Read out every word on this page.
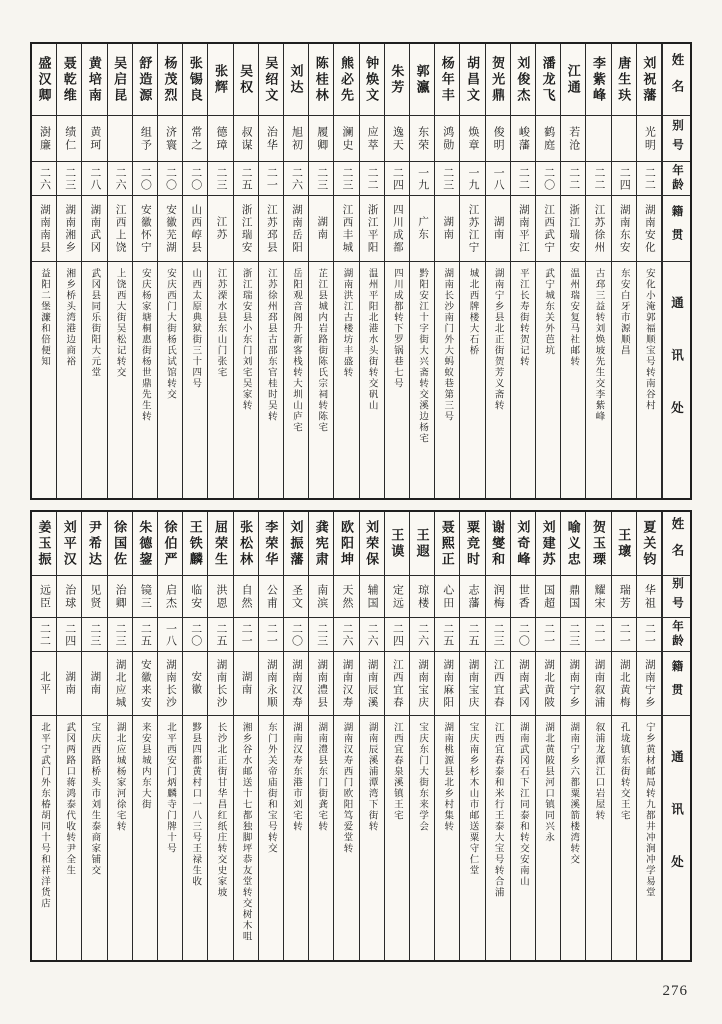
姓名
别号
年龄
籍贯
通讯处
刘祝藩
光明
二二
湖南安化
安化小淹郭福顺宝号转南谷村
唐生玞
二四
湖南东安
东安白牙市源顺昌
李紫峰
二二
江苏徐州
古邳三益转刘焕坡先生交李紫峰
江通
若沧
二二
浙江瑞安
温州瑞安复马社邮转
潘龙飞
鹤庭
二〇
江西武宁
武宁城东关外芭坑
刘俊杰
峻藩
二二
湖南平江
平江长寿街转贺记转
贺光鼎
俊明
一八
湖南
湖南宁乡县北正街贺芳义斋转
胡昌文
焕章
一九
江苏江宁
城北西牌楼大石桥
杨年丰
鸿勋
二三
湖南
湖南长沙南门外大蚂蚁巷第三号
郭瀛
东荣
一九
广东
黔阳安江十字街大兴斋转交溪边杨宅
朱芳
逸天
二四
四川成都
四川成都转下罗锅巷七号
钟焕文
应萃
二二
浙江平阳
温州平阳北港水头街转交矾山
熊必先
澜史
二三
江西丰城
湖南洪江古楼坊丰盛转
陈桂林
履卿
二三
湖南
芷江县城内岩路街陈氏宗祠转陈宅
刘达
旭初
二六
湖南岳阳
岳阳观音阁升新客栈转大圳山庐宅
吴绍文
治华
二一
江苏邳县
江苏徐州邳县古邵东官桂时吴转
吴权
叔谋
二五
浙江瑞安
浙江瑞安县小东门刘宅吴家转
张辉
德璋
二三
江苏
江苏溧水县东山门张宅
张锡良
常之
二〇
山西崞县
山西太原典狱街三十四号
杨茂烈
济寰
二〇
安徽芜湖
安庆西门大街杨氏试馆转交
舒造源
组予
二〇
安徽怀宁
安庆杨家塘桐惠街杨世鼎先生转
吴启昆
二六
江西上饶
上饶西大街吴松记转交
黄培南
黄珂
二八
湖南武冈
武冈县同乐街阳大元堂
聂乾维
绩仁
二三
湖南湘乡
湘乡桥头湾港边商裕
盛汉卿
澍廉
二六
湖南南县
益阳二堡濂和倍便知
姓名
别号
年龄
籍贯
通讯处
夏关钧
华祖
二一
湖南宁乡
宁乡黄材邮局转九都井冲涧冲学易堂
王瓌
瑞芳
二一
湖北黄梅
孔垅镇东街转交王宅
贺玉瑮
耀宋
二一
湖南叙浦
叙浦龙潭江口岩屋转
喻义忠
鼎国
二三
湖南宁乡
湖南宁乡六都粟溪箭楼湾转交
刘建苏
国超
二一
湖北黄陂
湖北黄陂县河口镇同兴永
刘奇峰
世香
二〇
湖南武冈
湖南武冈石下江同泰和转交安南山
谢燮和
润梅
二三
江西宜春
江西宜春泰和米行王泰大宝号转合浦
粟竞时
志藩
二五
湖南宝庆
宝庆南乡杉木山市邮送粟守仁堂
聂熙正
心田
二五
湖南麻阳
湖南桃源县北乡村集转
王遐
琼楼
二六
湖南宝庆
宝庆东门大街东来学会
王谟
定远
二四
江西宜春
江西宜春泉溪镇王宅
刘荣保
辅国
二六
湖南辰溪
湖南辰溪浦潭湾下街转
欧阳坤
天然
二六
湖南汉寿
湖南汉寿西门欧阳笃爱堂转
龚宪肃
南滨
二三
湖南澧县
湖南澧县东门街龚宅转
刘振藩
圣文
二〇
湖南汉寿
湖南汉寿东港市刘宅转
李荣华
公甫
二一
湖南永顺
东门外关帝庙街和宝号转交
张松林
自然
二一
湖南
湘乡谷水邮送十七都独脚坪恭友堂转交树木咀
屈荣生
洪恩
二五
湖南长沙
长沙北正街甘华昌红纸庄转交史家坡
王铁麟
临安
二〇
安徽
黟县四都黄村口一八三号王禄生收
徐伯严
启杰
一八
湖南长沙
北平西安门炳麟寺门牌十号
朱德鋆
镜三
二五
安徽来安
来安县城内东大街
徐国佐
治卿
二三
湖北应城
湖北应城杨家河徐宅转
尹希达
见贤
二三
湖南
宝庆西路桥头市刘生泰商家铺交
刘平汉
治球
二四
湖南
武冈两路口蒋鸿泰代收转尹全生
姜玉振
远臣
二二
北平
北平宁武门外东椿胡同十号和祥洋货店
276
